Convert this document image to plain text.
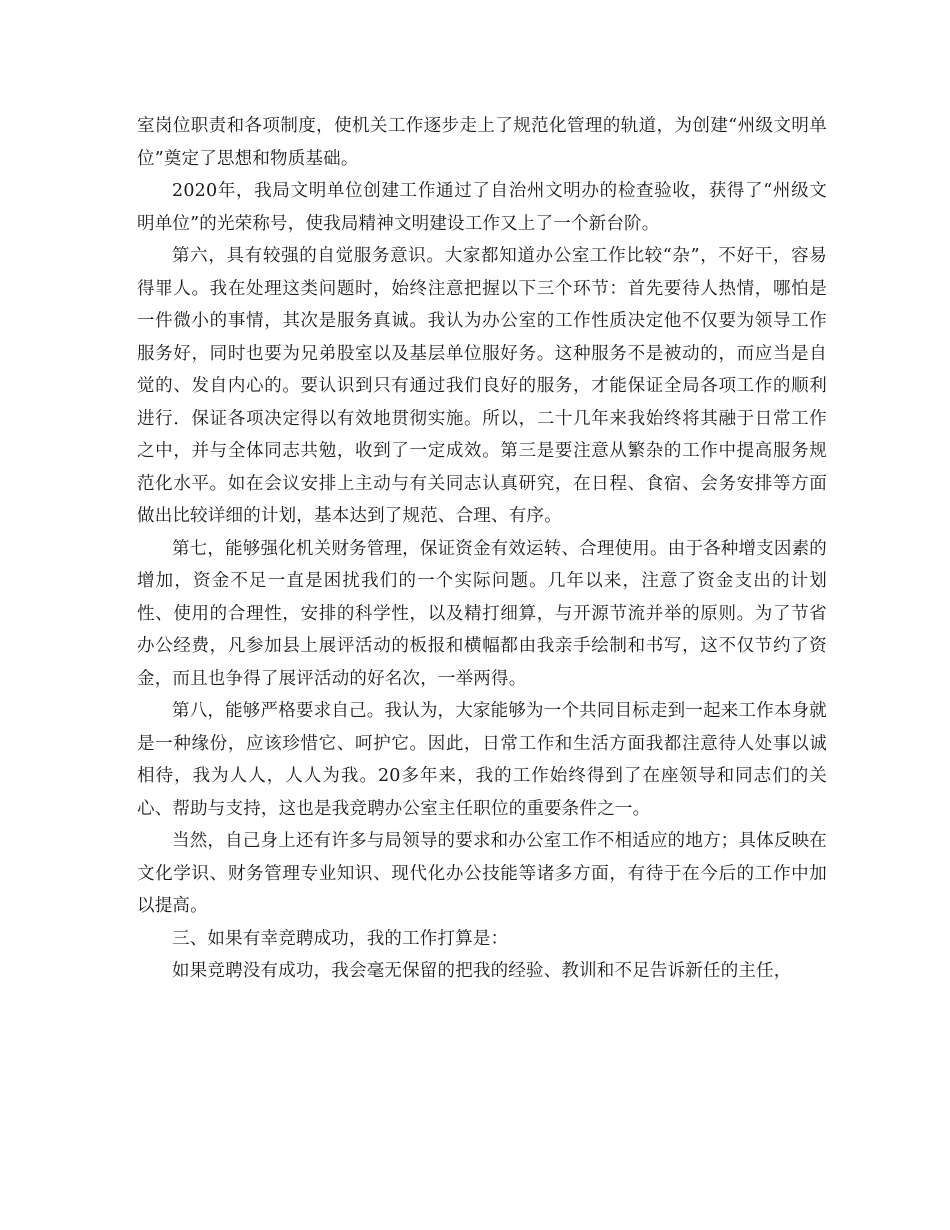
室岗位职责和各项制度，使机关工作逐步走上了规范化管理的轨道，为创建“州级文明单位”奠定了思想和物质基础。

2020年，我局文明单位创建工作通过了自治州文明办的检查验收，获得了“州级文明单位”的光荣称号，使我局精神文明建设工作又上了一个新台阶。

第六，具有较强的自觉服务意识。大家都知道办公室工作比较“杂”，不好干，容易得罪人。我在处理这类问题时，始终注意把握以下三个环节：首先要待人热情，哪怕是一件微小的事情，其次是服务真诚。我认为办公室的工作性质决定他不仅要为领导工作服务好，同时也要为兄弟股室以及基层单位服好务。这种服务不是被动的，而应当是自觉的、发自内心的。要认识到只有通过我们良好的服务，才能保证全局各项工作的顺利进行．保证各项决定得以有效地贯彻实施。所以，二十几年来我始终将其融于日常工作之中，并与全体同志共勉，收到了一定成效。第三是要注意从繁杂的工作中提高服务规范化水平。如在会议安排上主动与有关同志认真研究，在日程、食宿、会务安排等方面做出比较详细的计划，基本达到了规范、合理、有序。

第七，能够强化机关财务管理，保证资金有效运转、合理使用。由于各种增支因素的增加，资金不足一直是困扰我们的一个实际问题。几年以来，注意了资金支出的计划性、使用的合理性，安排的科学性，以及精打细算，与开源节流并举的原则。为了节省办公经费，凡参加县上展评活动的板报和横幅都由我亲手绘制和书写，这不仅节约了资金，而且也争得了展评活动的好名次，一举两得。

第八，能够严格要求自己。我认为，大家能够为一个共同目标走到一起来工作本身就是一种缘份，应该珍惜它、呵护它。因此，日常工作和生活方面我都注意待人处事以诚相待，我为人人，人人为我。20多年来，我的工作始终得到了在座领导和同志们的关心、帮助与支持，这也是我竞聘办公室主任职位的重要条件之一。

当然，自己身上还有许多与局领导的要求和办公室工作不相适应的地方；具体反映在文化学识、财务管理专业知识、现代化办公技能等诸多方面，有待于在今后的工作中加以提高。

三、如果有幸竞聘成功，我的工作打算是：

如果竞聘没有成功，我会毫无保留的把我的经验、教训和不足告诉新任的主任，
